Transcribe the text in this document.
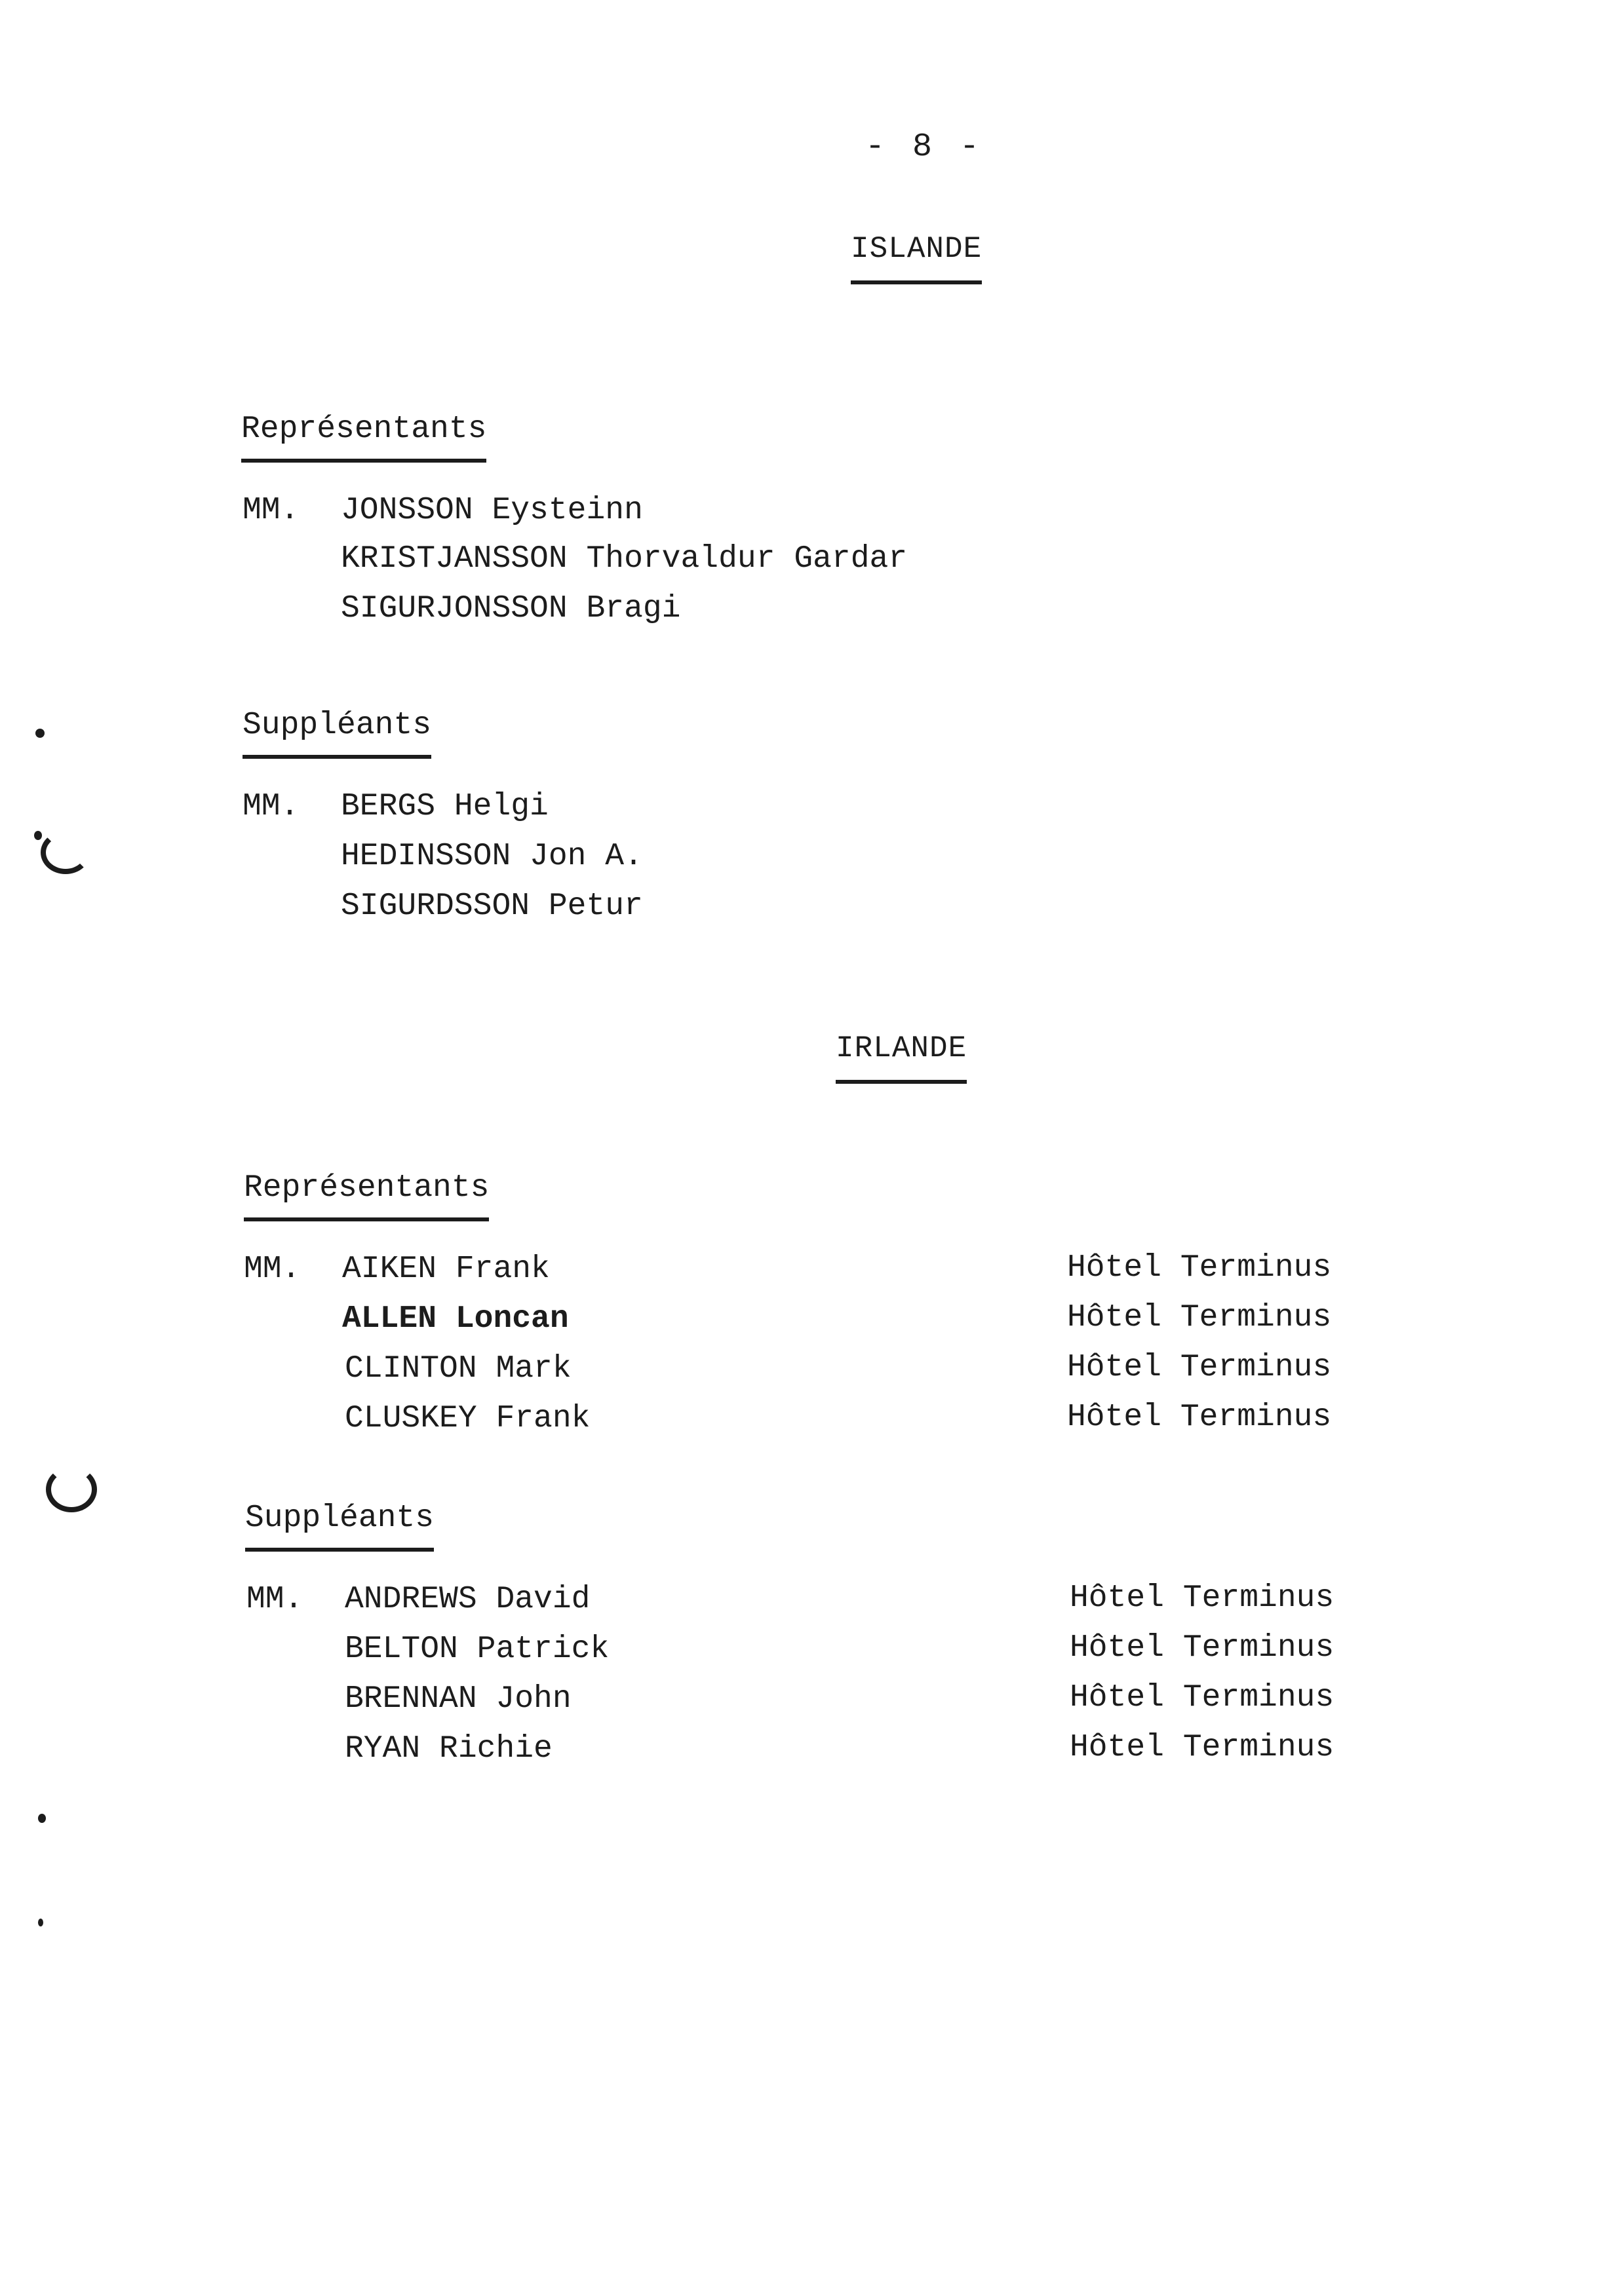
- 8 -
ISLANDE
Représentants
MM. JONSSON Eysteinn
KRISTJANSSON Thorvaldur Gardar
SIGURJONSSON Bragi
Suppléants
MM. BERGS Helgi
HEDINSSON Jon A.
SIGURDSSON Petur
IRLANDE
Représentants
MM. AIKEN Frank	Hôtel Terminus
ALLEN Loncan	Hôtel Terminus
CLINTON Mark	Hôtel Terminus
CLUSKEY Frank	Hôtel Terminus
Suppléants
MM. ANDREWS David	Hôtel Terminus
BELTON Patrick	Hôtel Terminus
BRENNAN John	Hôtel Terminus
RYAN Richie	Hôtel Terminus
